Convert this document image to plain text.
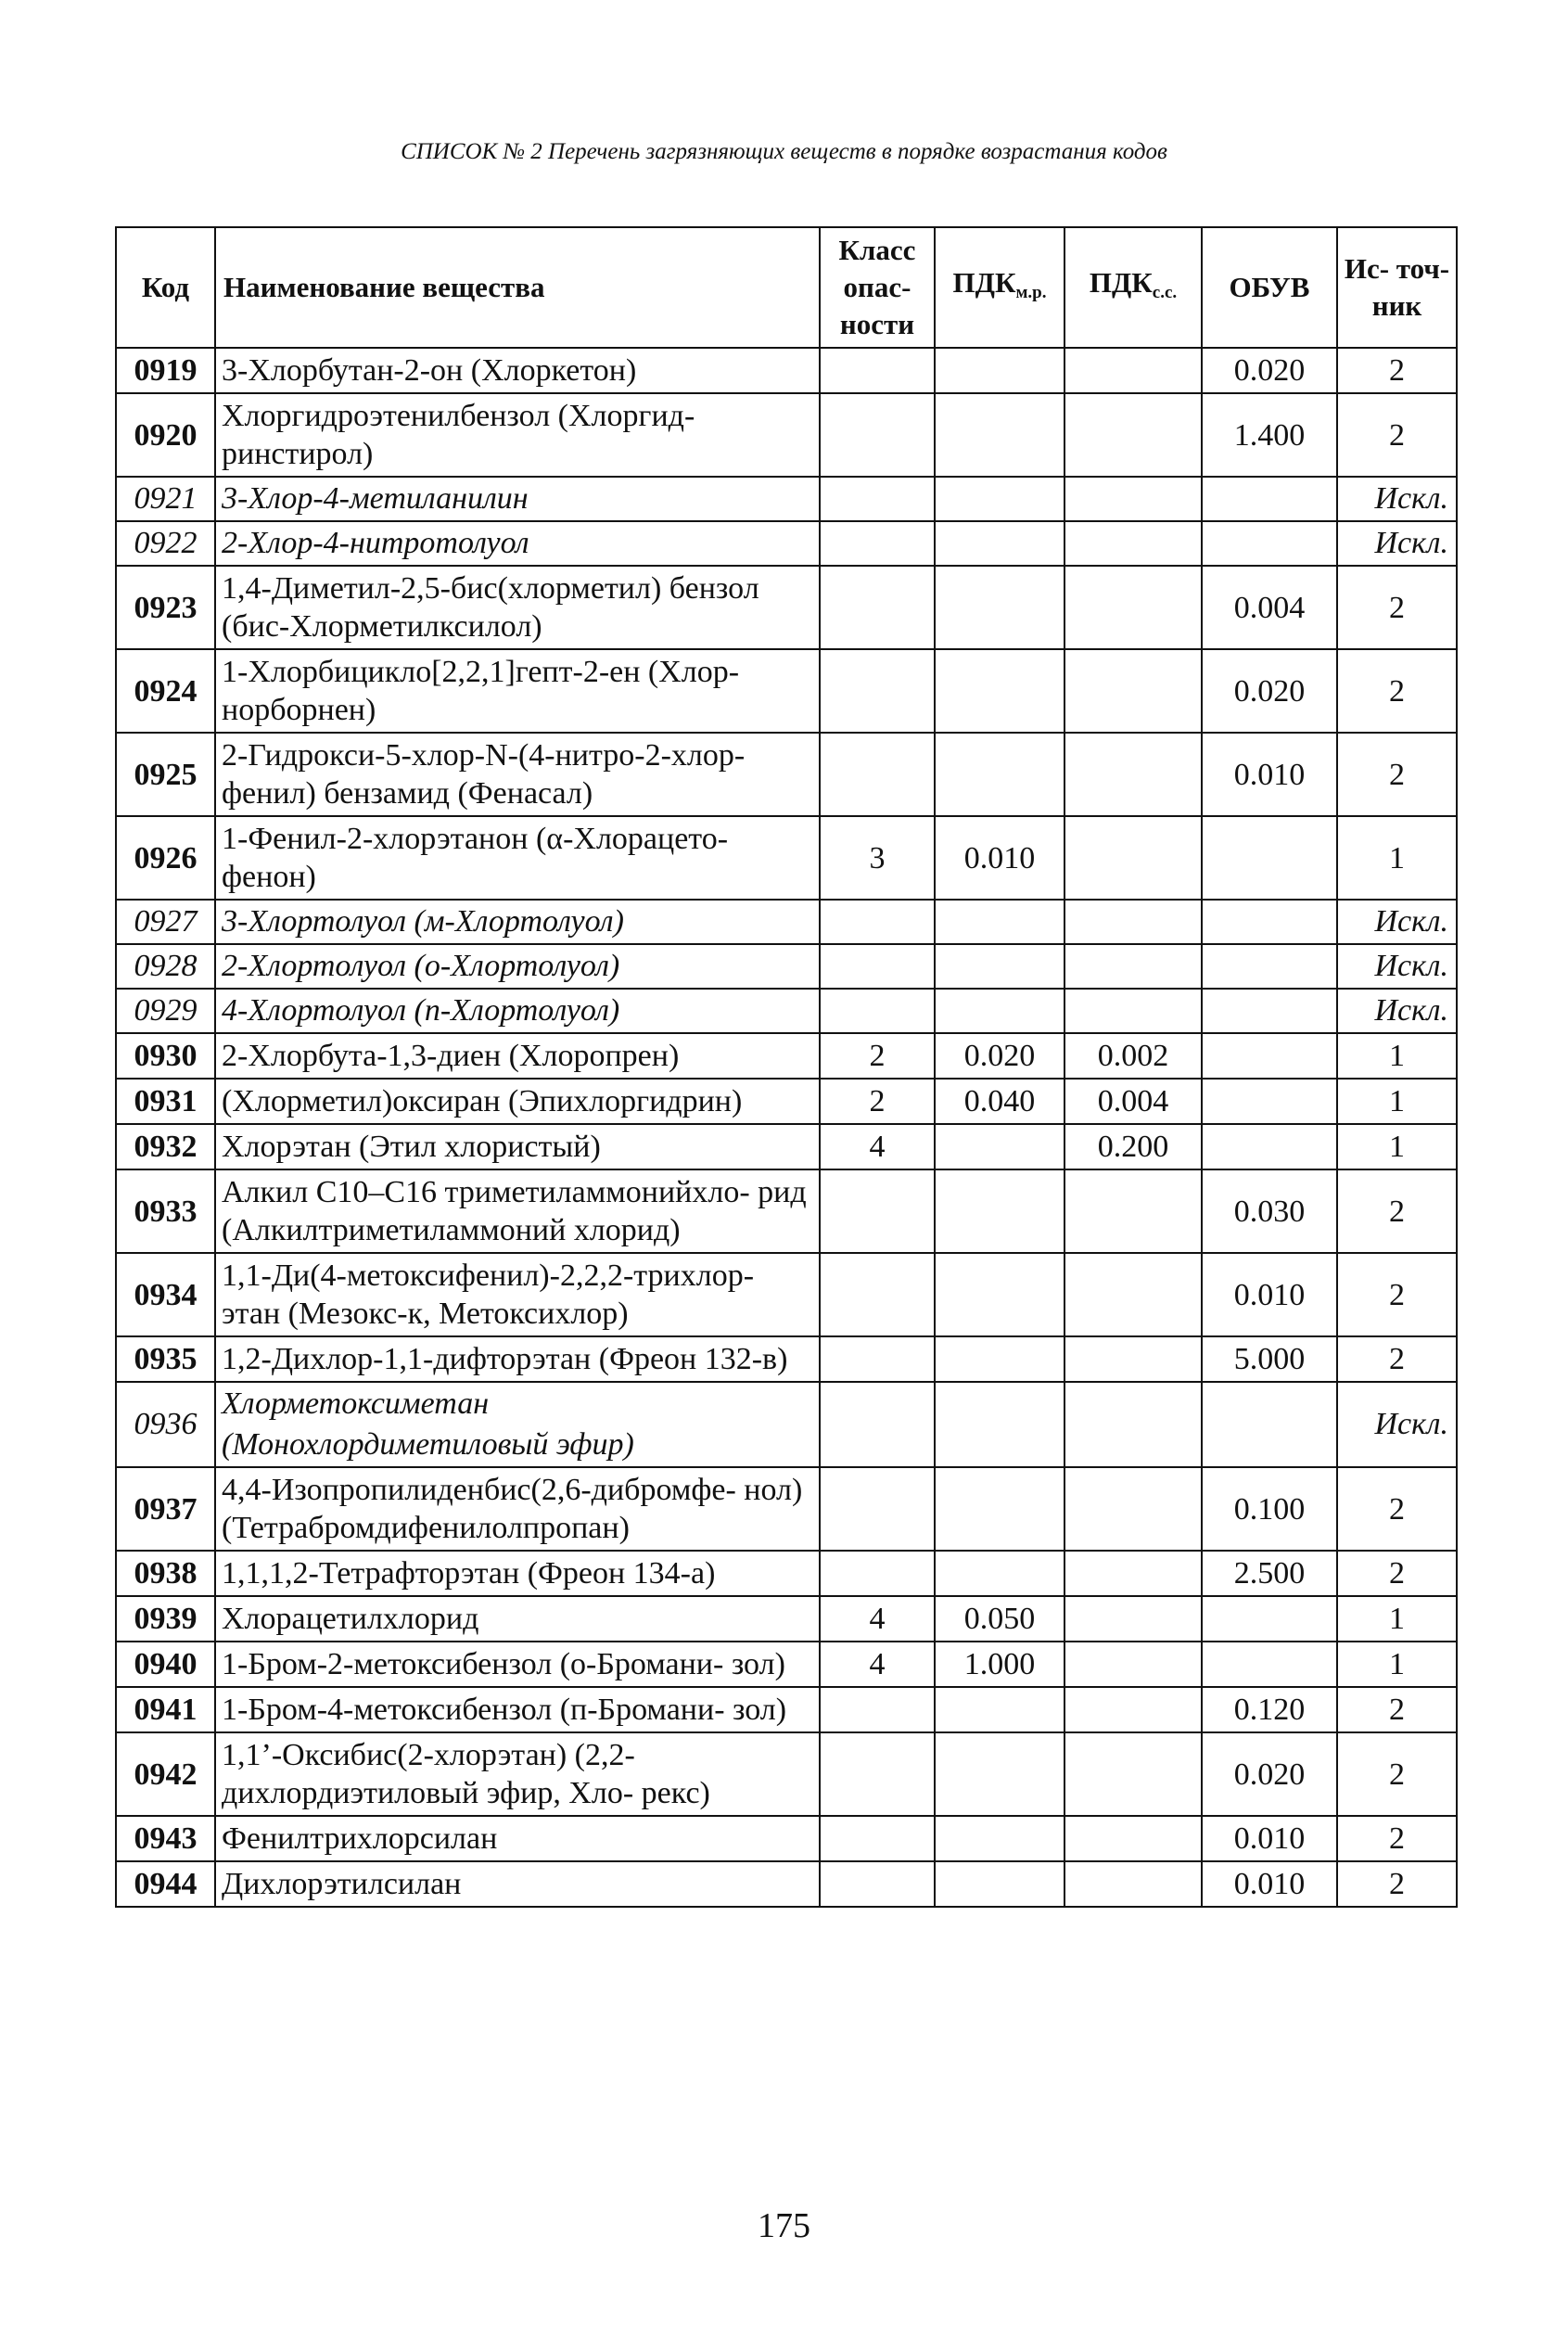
СПИСОК № 2 Перечень загрязняющих веществ в порядке возрастания кодов
Код	Наименование вещества	Класс опас- ности	$ПДК_{м.р.}$	$ПДК_{с.с.}$	ОБУВ	Ис- точ- ник
0919	3-Хлорбутан-2-он (Хлоркетон)				0.020	2
0920	Хлоргидроэтенилбензол (Хлоргид- ринстирол)				1.400	2
0921	3-Хлор-4-метиланилин					Искл.
0922	2-Хлор-4-нитротолуол					Искл.
0923	1,4-Диметил-2,5-бис(хлорметил) бензол (бис-Хлорметилксилол)				0.004	2
0924	1-Хлорбицикло[2,2,1]гепт-2-ен (Хлор- норборнен)				0.020	2
0925	2-Гидрокси-5-хлор-N-(4-нитро-2-хлор- фенил) бензамид (Фенасал)				0.010	2
0926	1-Фенил-2-хлорэтанон (α-Хлорацето- фенон)	3	0.010			1
0927	3-Хлортолуол (м-Хлортолуол)					Искл.
0928	2-Хлортолуол (о-Хлортолуол)					Искл.
0929	4-Хлортолуол (п-Хлортолуол)					Искл.
0930	2-Хлорбута-1,3-диен (Хлоропрен)	2	0.020	0.002		1
0931	(Хлорметил)оксиран (Эпихлоргидрин)	2	0.040	0.004		1
0932	Хлорэтан (Этил хлористый)	4		0.200		1
0933	Алкил C10–C16 триметиламмонийхло- рид (Алкилтриметиламмоний хлорид)				0.030	2
0934	1,1-Ди(4-метоксифенил)-2,2,2-трихлор- этан (Мезокс-к, Метоксихлор)				0.010	2
0935	1,2-Дихлор-1,1-дифторэтан (Фреон 132-в)				5.000	2
0936	Хлорметоксиметан (Монохлордиметиловый эфир)					Искл.
0937	4,4-Изопропилиденбис(2,6-дибромфе- нол) (Тетрабромдифенилолпропан)				0.100	2
0938	1,1,1,2-Тетрафторэтан (Фреон 134-а)				2.500	2
0939	Хлорацетилхлорид	4	0.050			1
0940	1-Бром-2-метоксибензол (о-Бромани- зол)	4	1.000			1
0941	1-Бром-4-метоксибензол (п-Бромани- зол)				0.120	2
0942	1,1’-Оксибис(2-хлорэтан) (2,2-дихлордиэтиловый эфир, Хло- рекс)				0.020	2
0943	Фенилтрихлорсилан				0.010	2
0944	Дихлорэтилсилан				0.010	2
175
